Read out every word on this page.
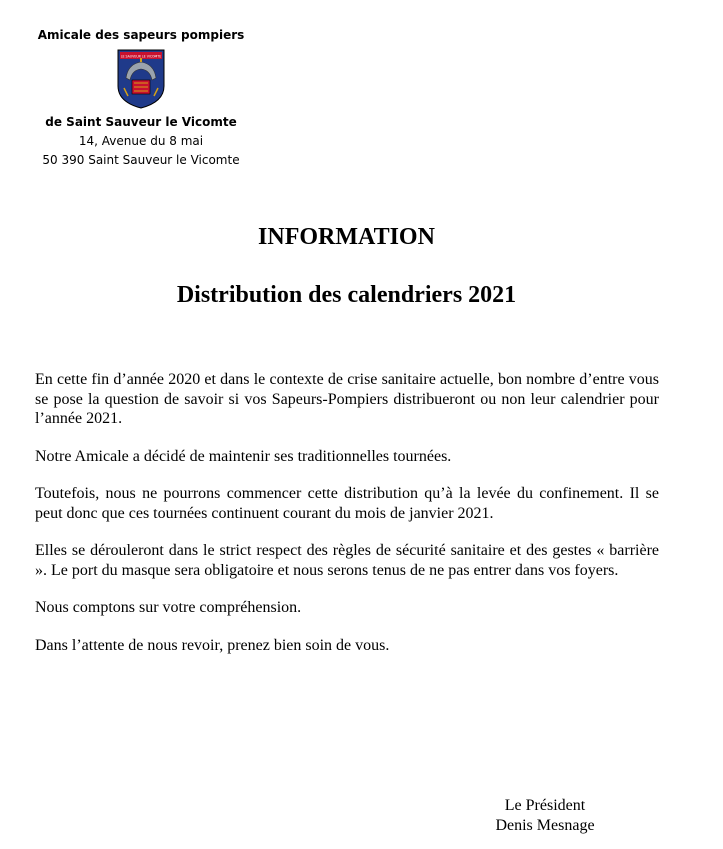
Amicale des sapeurs pompiers
LE SAUVEUR LE VICOMTE
de Saint Sauveur le Vicomte
14, Avenue du 8 mai
50 390 Saint Sauveur le Vicomte
INFORMATION
Distribution des calendriers 2021

En cette fin d’année 2020 et dans le contexte de crise sanitaire actuelle, bon nombre d’entre vous se pose la question de savoir si vos Sapeurs-Pompiers distribueront ou non leur calendrier pour l’année 2021.

Notre Amicale a décidé de maintenir ses traditionnelles tournées.

Toutefois, nous ne pourrons commencer cette distribution qu’à la levée du confinement. Il se peut donc que ces tournées continuent courant du mois de janvier 2021.

Elles se dérouleront dans le strict respect des règles de sécurité sanitaire et des gestes « barrière ». Le port du masque sera obligatoire et nous serons tenus de ne pas entrer dans vos foyers.

Nous comptons sur votre compréhension.

Dans l’attente de nous revoir, prenez bien soin de vous.

Le Président
Denis Mesnage
